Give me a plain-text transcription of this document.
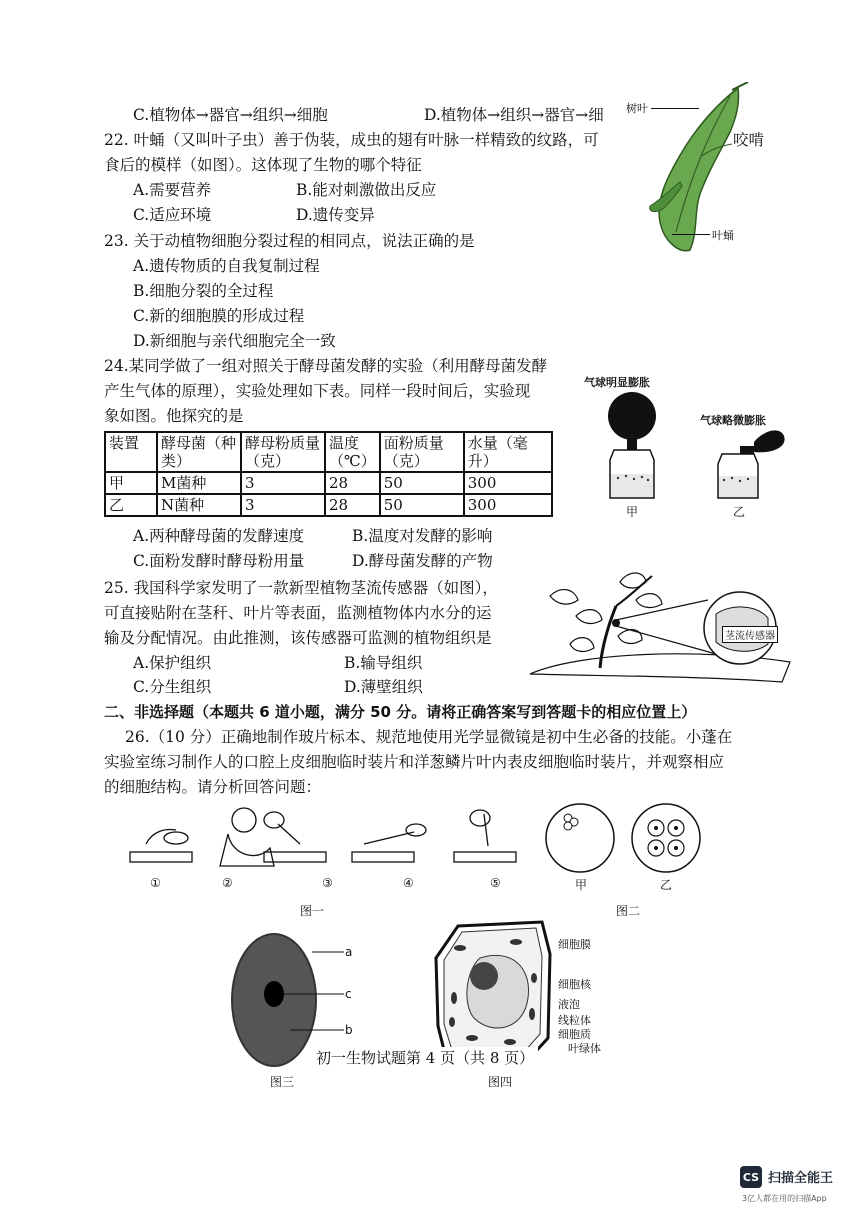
C.植物体→器官→组织→细胞	D.植物体→组织→器官→细
22. 叶蛹（又叫叶子虫）善于伪装，成虫的翅有叶脉一样精致的纹路，可	咬啃
食后的模样（如图）。这体现了生物的哪个特征
A.需要营养	B.能对刺激做出反应
C.适应环境	D.遗传变异
23. 关于动植物细胞分裂过程的相同点，说法正确的是
A.遗传物质的自我复制过程
B.细胞分裂的全过程
C.新的细胞膜的形成过程
D.新细胞与亲代细胞完全一致
树叶
叶蛹
24.某同学做了一组对照关于酵母菌发酵的实验（利用酵母菌发酵
产生气体的原理），实验处理如下表。同样一段时间后，实验现
象如图。他探究的是
装置	酵母菌（种类）	酵母粉质量（克）	温度（℃）	面粉质量（克）	水量（毫升）
甲	M菌种	3	28	50	300
乙	N菌种	3	28	50	300
A.两种酵母菌的发酵速度	B.温度对发酵的影响
C.面粉发酵时酵母粉用量	D.酵母菌发酵的产物
气球明显膨胀
气球略微膨胀
甲	乙
25. 我国科学家发明了一款新型植物茎流传感器（如图），
可直接贴附在茎秆、叶片等表面，监测植物体内水分的运
输及分配情况。由此推测，该传感器可监测的植物组织是
A.保护组织	B.输导组织
C.分生组织	D.薄壁组织
茎流传感器
二、非选择题（本题共 6 道小题，满分 50 分。请将正确答案写到答题卡的相应位置上）
26.（10 分）正确地制作玻片标本、规范地使用光学显微镜是初中生必备的技能。小蓬在
实验室练习制作人的口腔上皮细胞临时装片和洋葱鳞片叶内表皮细胞临时装片，并观察相应
的细胞结构。请分析回答问题：
①	②	③	④	⑤
图一
甲	乙
图二
a
c
b
图三
细胞膜
细胞核
液泡
线粒体
细胞质
叶绿体
图四
初一生物试题第 4 页（共 8 页）
CS 扫描全能王
3亿人都在用的扫描App
